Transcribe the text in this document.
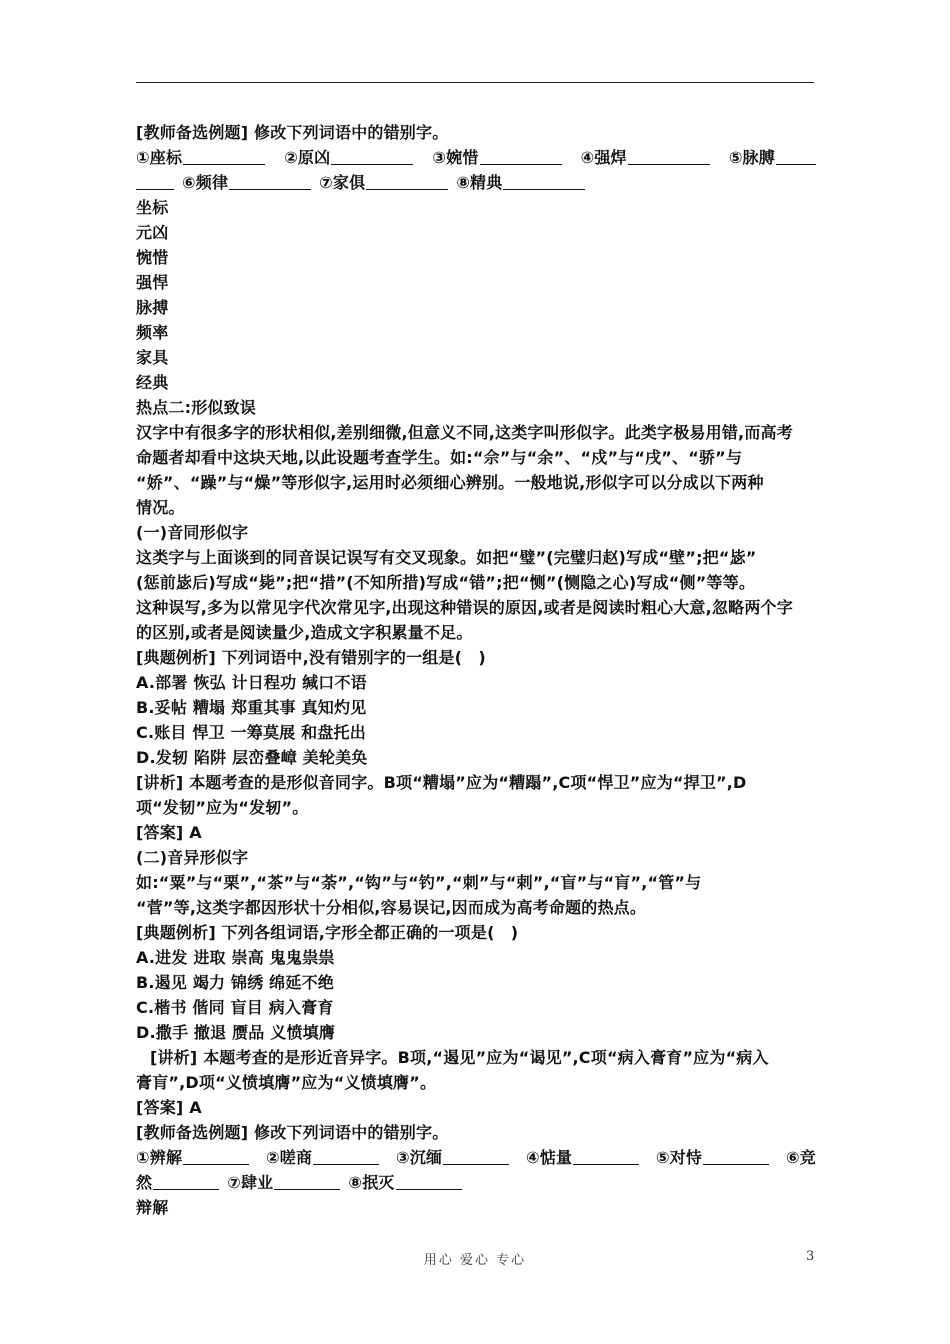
[教师备选例题] 修改下列词语中的错别字。
①座标	②原凶	③婉惜	④强焊	⑤脉膊
⑥频律	⑦家俱	⑧精典
坐标
元凶
惋惜
强悍
脉搏
频率
家具
经典
热点二:形似致误
汉字中有很多字的形状相似,差别细微,但意义不同,这类字叫形似字。此类字极易用错,而高考
命题者却看中这块天地,以此设题考查学生。如:“佘”与“余”、“戍”与“戌”、“骄”与
“娇”、“躁”与“燥”等形似字,运用时必须细心辨别。一般地说,形似字可以分成以下两种
情况。
(一)音同形似字
这类字与上面谈到的同音误记误写有交叉现象。如把“璧”(完璧归赵)写成“壁”;把“毖”
(惩前毖后)写成“毙”;把“措”(不知所措)写成“错”;把“恻”(恻隐之心)写成“侧”等等。
这种误写,多为以常见字代次常见字,出现这种错误的原因,或者是阅读时粗心大意,忽略两个字
的区别,或者是阅读量少,造成文字积累量不足。
[典题例析] 下列词语中,没有错别字的一组是(　)
A.部署 恢弘 计日程功 缄口不语
B.妥帖 糟塌 郑重其事 真知灼见
C.账目 悍卫 一筹莫展 和盘托出
D.发轫 陷阱 层峦叠嶂 美轮美奂
[讲析] 本题考查的是形似音同字。B项“糟塌”应为“糟蹋”,C项“悍卫”应为“捍卫”,D
项“发韧”应为“发轫”。
[答案] A
(二)音异形似字
如:“粟”与“栗”,“茶”与“荼”,“钩”与“钓”,“刺”与“剌”,“盲”与“肓”,“管”与
“菅”等,这类字都因形状十分相似,容易误记,因而成为高考命题的热点。
[典题例析] 下列各组词语,字形全都正确的一项是(　)
A.进发 进取 崇高 鬼鬼祟祟
B.遏见 竭力 锦绣 绵延不绝
C.楷书 偕同 盲目 病入膏育
D.撒手 撤退 赝品 义愤填膺
[讲析] 本题考查的是形近音异字。B项,“遏见”应为“谒见”,C项“病入膏育”应为“病入
膏肓”,D项“义愤填膺”应为“义愤填膺”。
[答案] A
[教师备选例题] 修改下列词语中的错别字。
①辨解	②嗟商	③沉缅	④惦量	⑤对恃	⑥竞
然	⑦肆业	⑧抿灭
辩解
用心 爱心 专心	3
